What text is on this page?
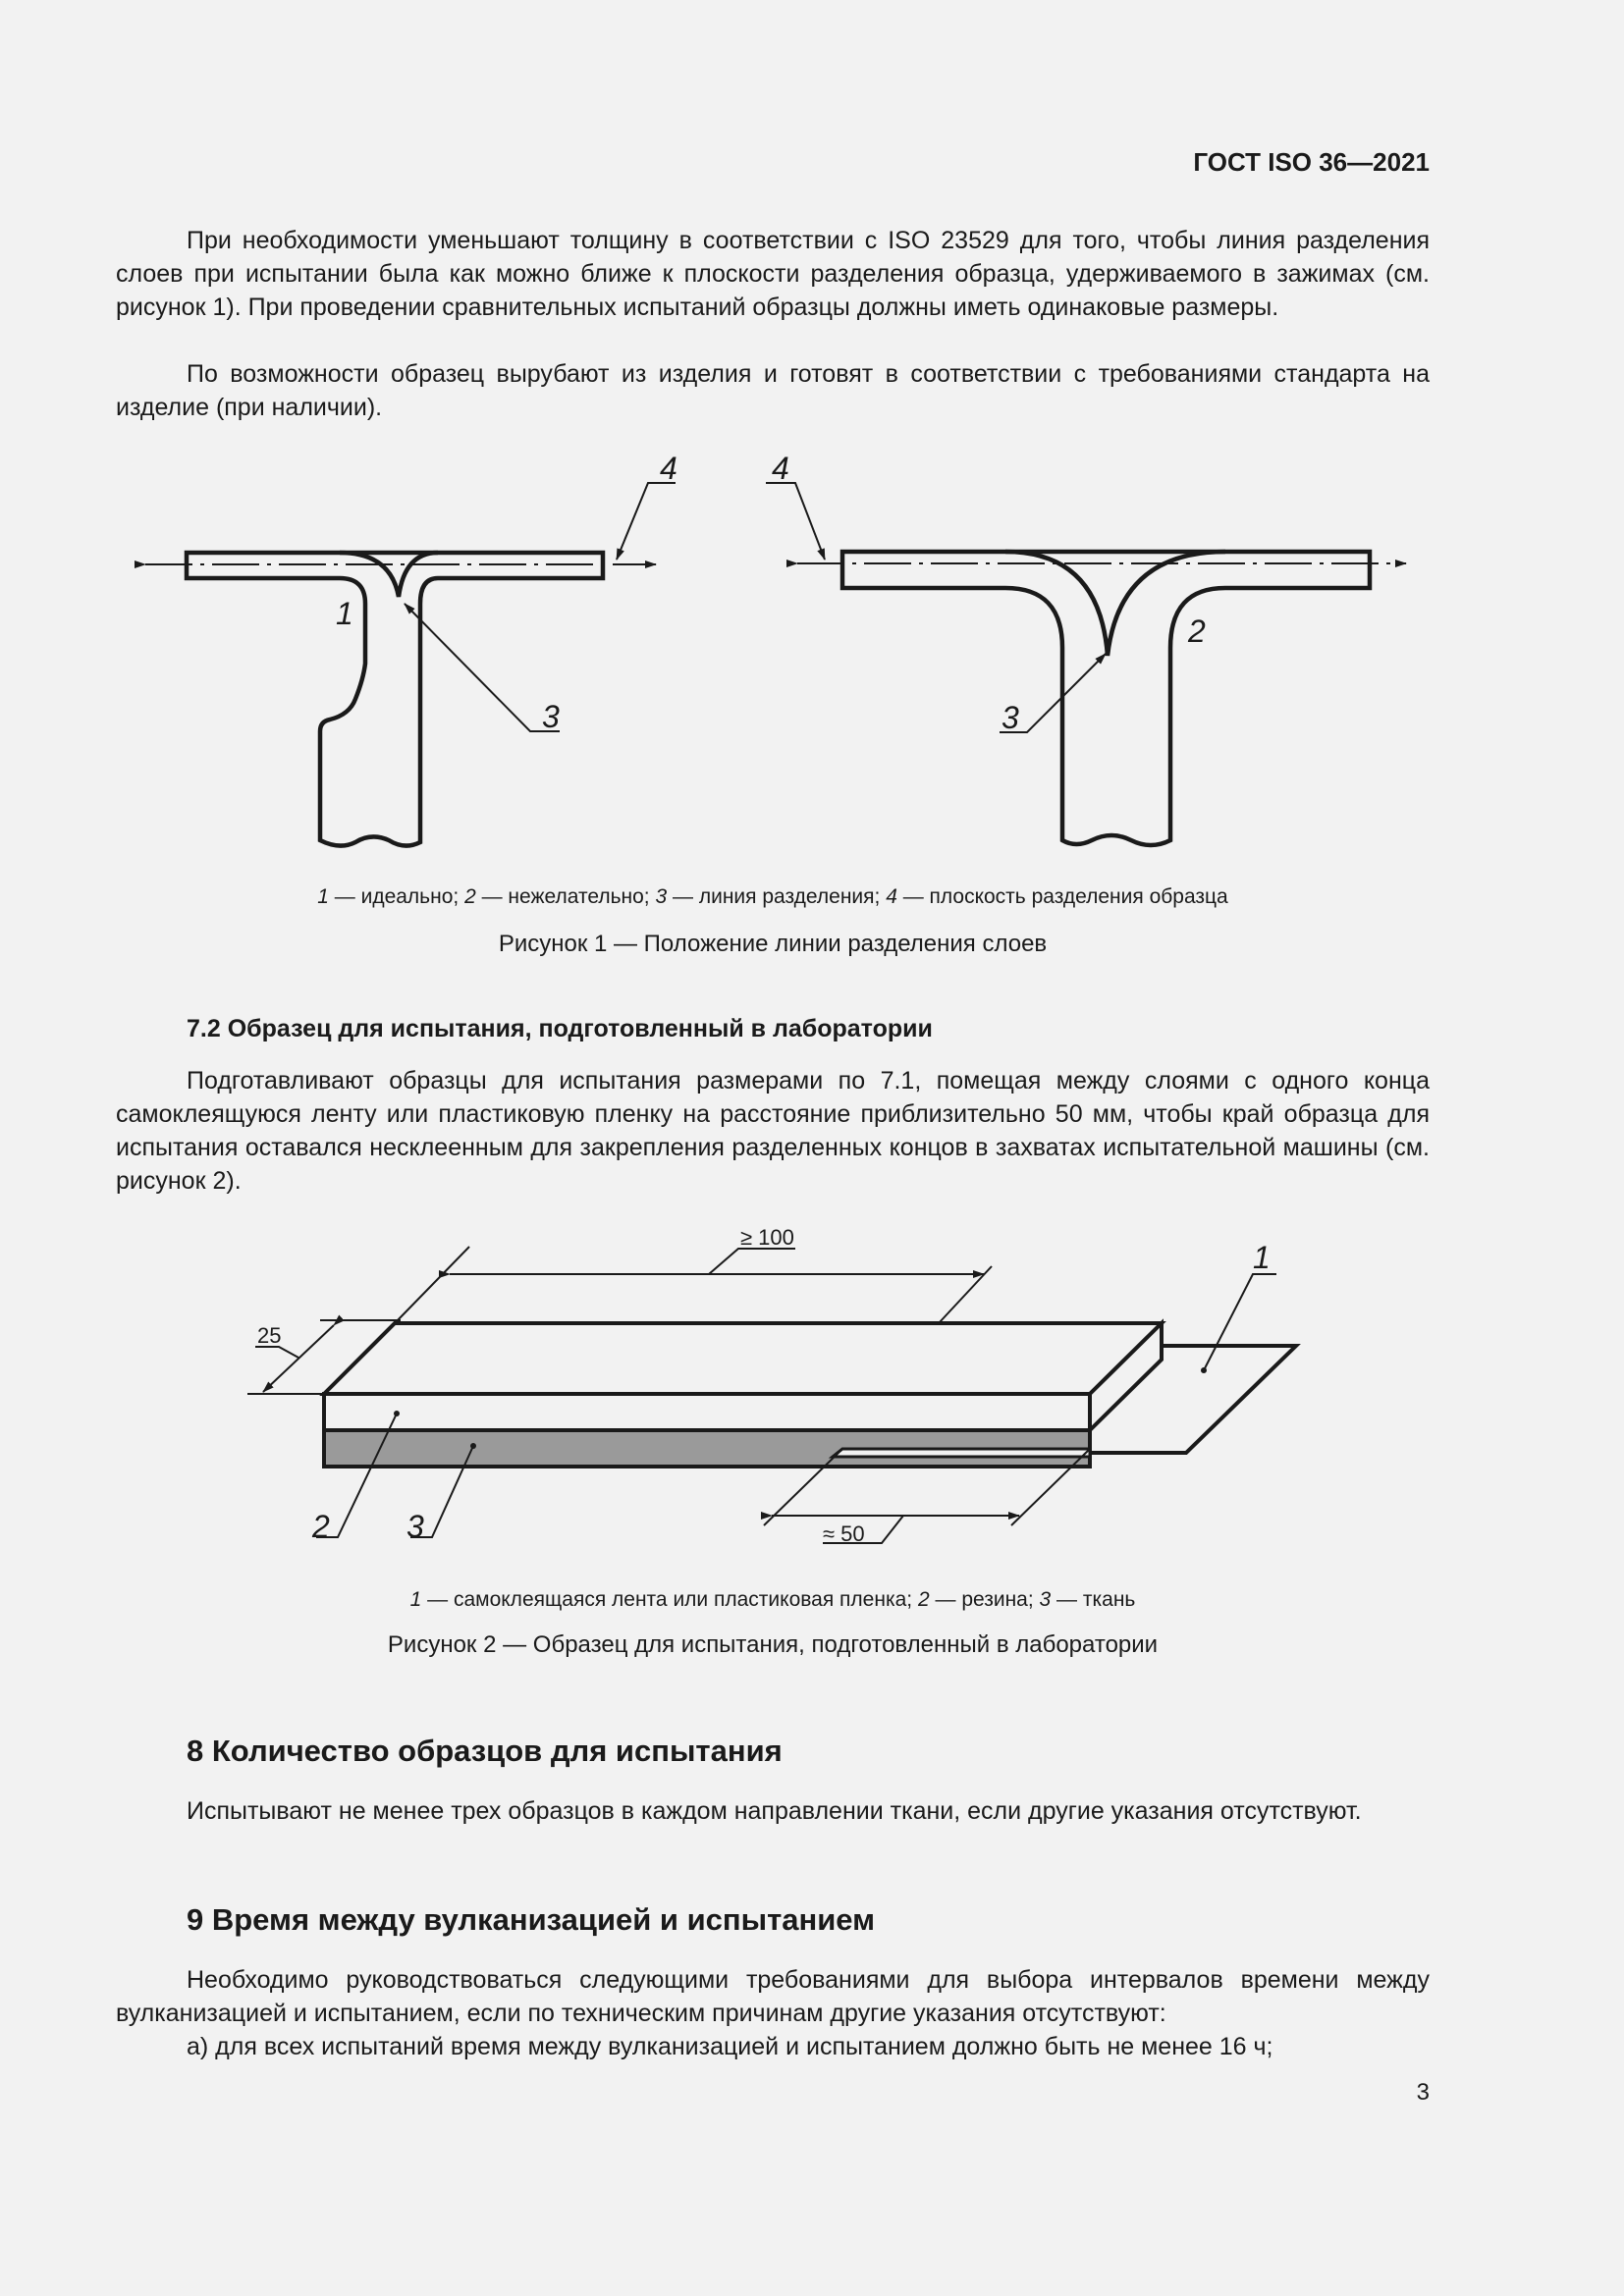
ГОСТ ISO 36—2021

При необходимости уменьшают толщину в соответствии с ISO 23529 для того, чтобы линия разделения слоев при испытании была как можно ближе к плоскости разделения образца, удерживаемого в зажимах (см. рисунок 1). При проведении сравнительных испытаний образцы должны иметь одинаковые размеры.

По возможности образец вырубают из изделия и готовят в соответствии с требованиями стандарта на изделие (при наличии).

4	4
1	2
3	3
1 — идеально; 2 — нежелательно; 3 — линия разделения; 4 — плоскость разделения образца
Рисунок 1 — Положение линии разделения слоев
7.2 Образец для испытания, подготовленный в лаборатории

Подготавливают образцы для испытания размерами по 7.1, помещая между слоями с одного конца самоклеящуюся ленту или пластиковую пленку на расстояние приблизительно 50 мм, чтобы край образца для испытания оставался несклеенным для закрепления разделенных концов в захватах испытательной машины (см. рисунок 2).

≥ 100
25
≈ 50
1
2 3
1 — самоклеящаяся лента или пластиковая пленка; 2 — резина; 3 — ткань
Рисунок 2 — Образец для испытания, подготовленный в лаборатории
8 Количество образцов для испытания

Испытывают не менее трех образцов в каждом направлении ткани, если другие указания отсутствуют.

9 Время между вулканизацией и испытанием

Необходимо руководствоваться следующими требованиями для выбора интервалов времени между вулканизацией и испытанием, если по техническим причинам другие указания отсутствуют:

а) для всех испытаний время между вулканизацией и испытанием должно быть не менее 16 ч;
3
